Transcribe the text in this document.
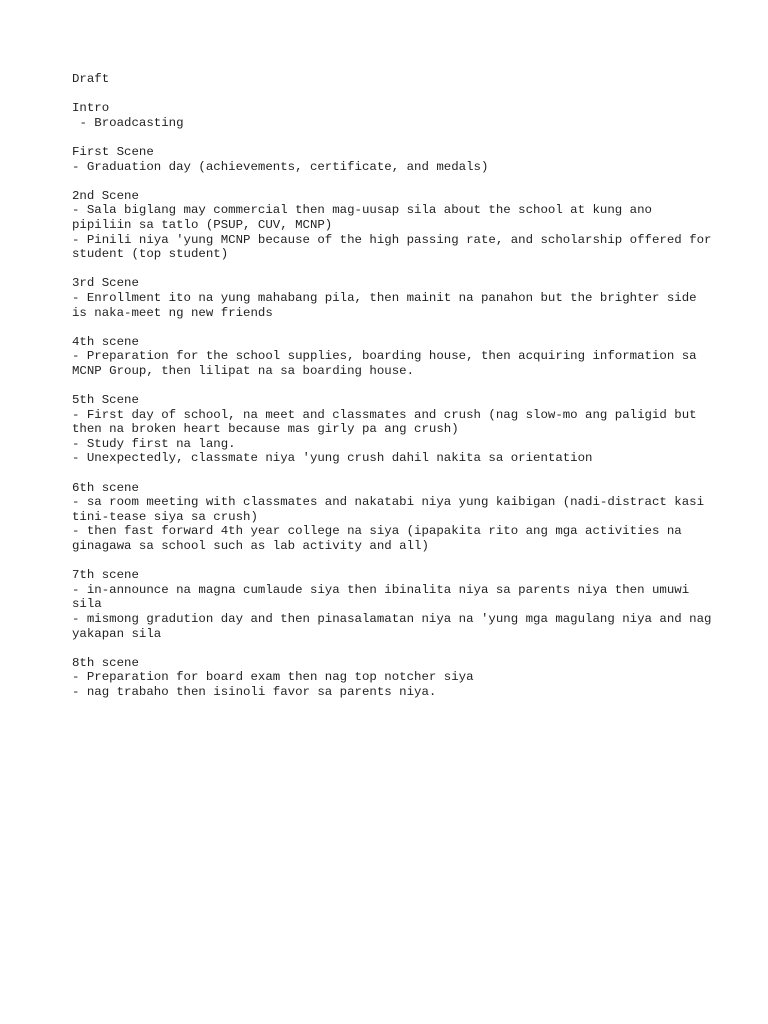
Draft
Intro
- Broadcasting
First Scene
- Graduation day (achievements, certificate, and medals)
2nd Scene
- Sala biglang may commercial then mag-uusap sila about the school at kung ano pipiliin sa tatlo (PSUP, CUV, MCNP)
- Pinili niya 'yung MCNP because of the high passing rate, and scholarship offered for student (top student)
3rd Scene
- Enrollment ito na yung mahabang pila, then mainit na panahon but the brighter side is naka-meet ng new friends
4th scene
- Preparation for the school supplies, boarding house, then acquiring information sa MCNP Group, then lilipat na sa boarding house.
5th Scene
- First day of school, na meet and classmates and crush (nag slow-mo ang paligid but then na broken heart because mas girly pa ang crush)
- Study first na lang.
- Unexpectedly, classmate niya 'yung crush dahil nakita sa orientation
6th scene
- sa room meeting with classmates and nakatabi niya yung kaibigan (nadi-distract kasi tini-tease siya sa crush)
- then fast forward 4th year college na siya (ipapakita rito ang mga activities na ginagawa sa school such as lab activity and all)
7th scene
- in-announce na magna cumlaude siya then ibinalita niya sa parents niya then umuwi sila
- mismong gradution day and then pinasalamatan niya na 'yung mga magulang niya and nag yakapan sila
8th scene
- Preparation for board exam then nag top notcher siya
- nag trabaho then isinoli favor sa parents niya.
